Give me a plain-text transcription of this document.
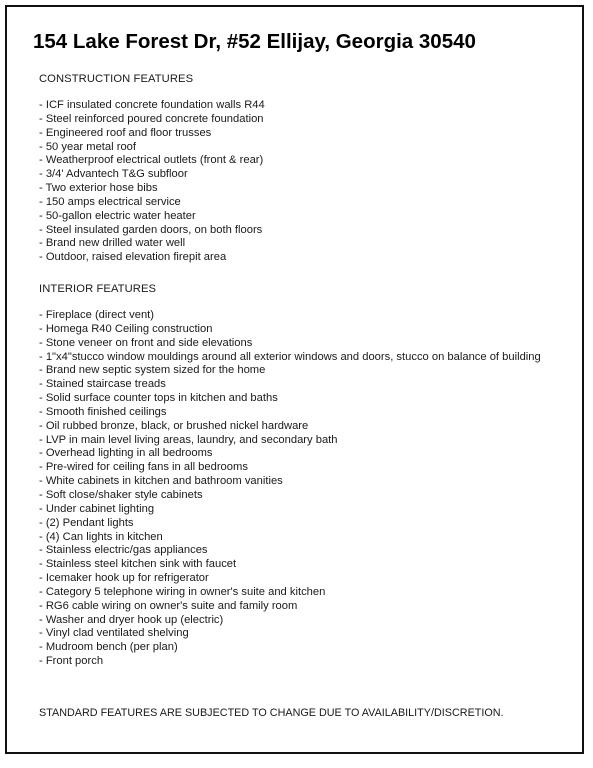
154 Lake Forest Dr, #52 Ellijay, Georgia 30540
CONSTRUCTION FEATURES
- ICF insulated concrete foundation walls R44
- Steel reinforced poured concrete foundation
- Engineered roof and floor trusses
- 50 year metal roof
- Weatherproof electrical outlets (front & rear)
- 3/4' Advantech T&G subfloor
- Two exterior hose bibs
- 150 amps electrical service
- 50-gallon electric water heater
- Steel insulated garden doors, on both floors
- Brand new drilled water well
- Outdoor, raised elevation firepit area
INTERIOR FEATURES
- Fireplace (direct vent)
- Homega R40 Ceiling construction
- Stone veneer on front and side elevations
- 1"x4"stucco window mouldings around all exterior windows and doors, stucco on balance of building
- Brand new septic system sized for the home
- Stained staircase treads
- Solid surface counter tops in kitchen and baths
- Smooth finished ceilings
- Oil rubbed bronze, black, or brushed nickel hardware
- LVP in main level living areas, laundry, and secondary bath
- Overhead lighting in all bedrooms
- Pre-wired for ceiling fans in all bedrooms
- White cabinets in kitchen and bathroom vanities
- Soft close/shaker style cabinets
- Under cabinet lighting
- (2) Pendant lights
- (4) Can lights in kitchen
- Stainless electric/gas appliances
- Stainless steel kitchen sink with faucet
- Icemaker hook up for refrigerator
- Category 5 telephone wiring in owner's suite and kitchen
- RG6 cable wiring on owner's suite and family room
- Washer and dryer hook up (electric)
- Vinyl clad ventilated shelving
- Mudroom bench (per plan)
- Front porch

STANDARD FEATURES ARE SUBJECTED TO CHANGE DUE TO AVAILABILITY/DISCRETION.
